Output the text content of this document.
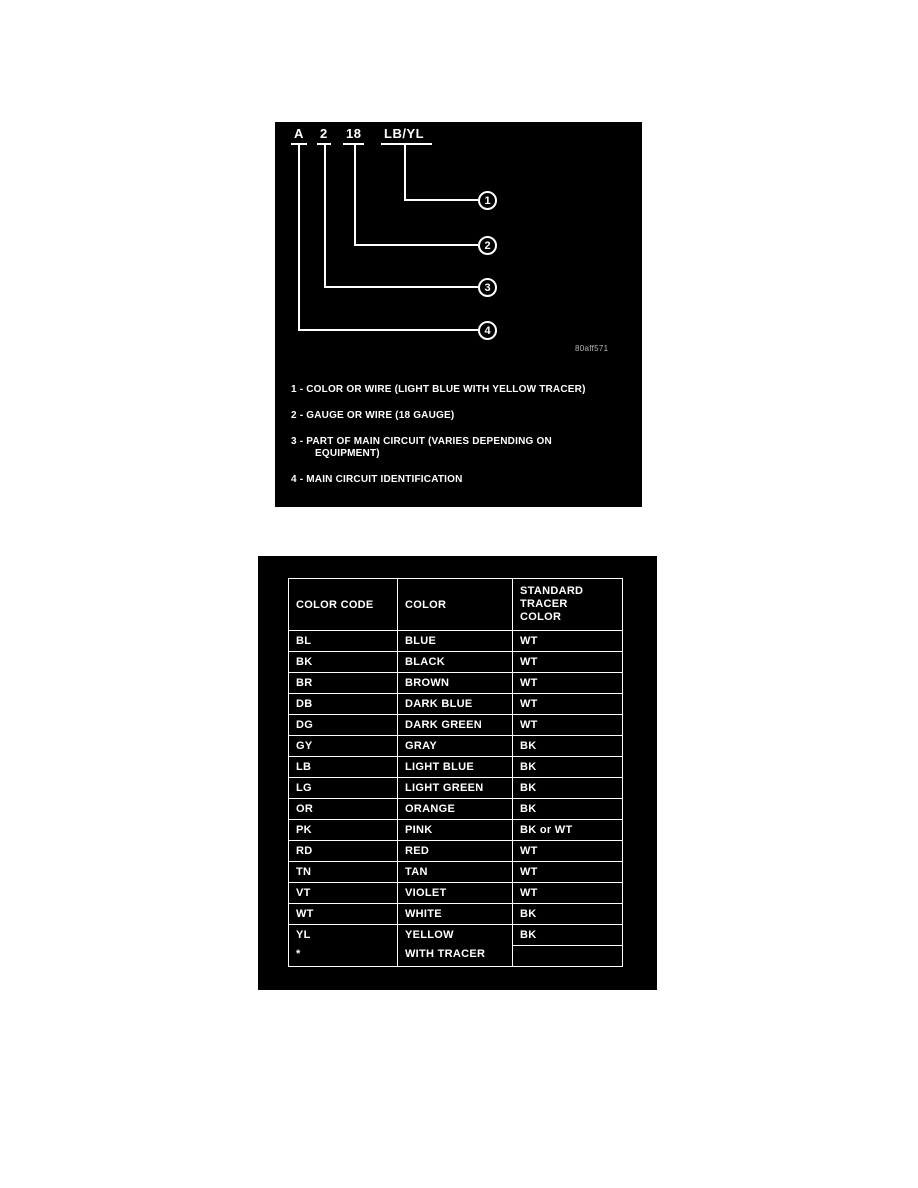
A 2 18 LB/YL
1
2
3
4
80aff571
1 - COLOR OR WIRE (LIGHT BLUE WITH YELLOW TRACER)
2 - GAUGE OR WIRE (18 GAUGE)
3 - PART OF MAIN CIRCUIT (VARIES DEPENDING ON EQUIPMENT)
4 - MAIN CIRCUIT IDENTIFICATION
COLOR CODE	COLOR	STANDARD TRACER COLOR
BL	BLUE	WT
BK	BLACK	WT
BR	BROWN	WT
DB	DARK BLUE	WT
DG	DARK GREEN	WT
GY	GRAY	BK
LB	LIGHT BLUE	BK
LG	LIGHT GREEN	BK
OR	ORANGE	BK
PK	PINK	BK or WT
RD	RED	WT
TN	TAN	WT
VT	VIOLET	WT
WT	WHITE	BK
YL	YELLOW	BK
*	WITH TRACER	
